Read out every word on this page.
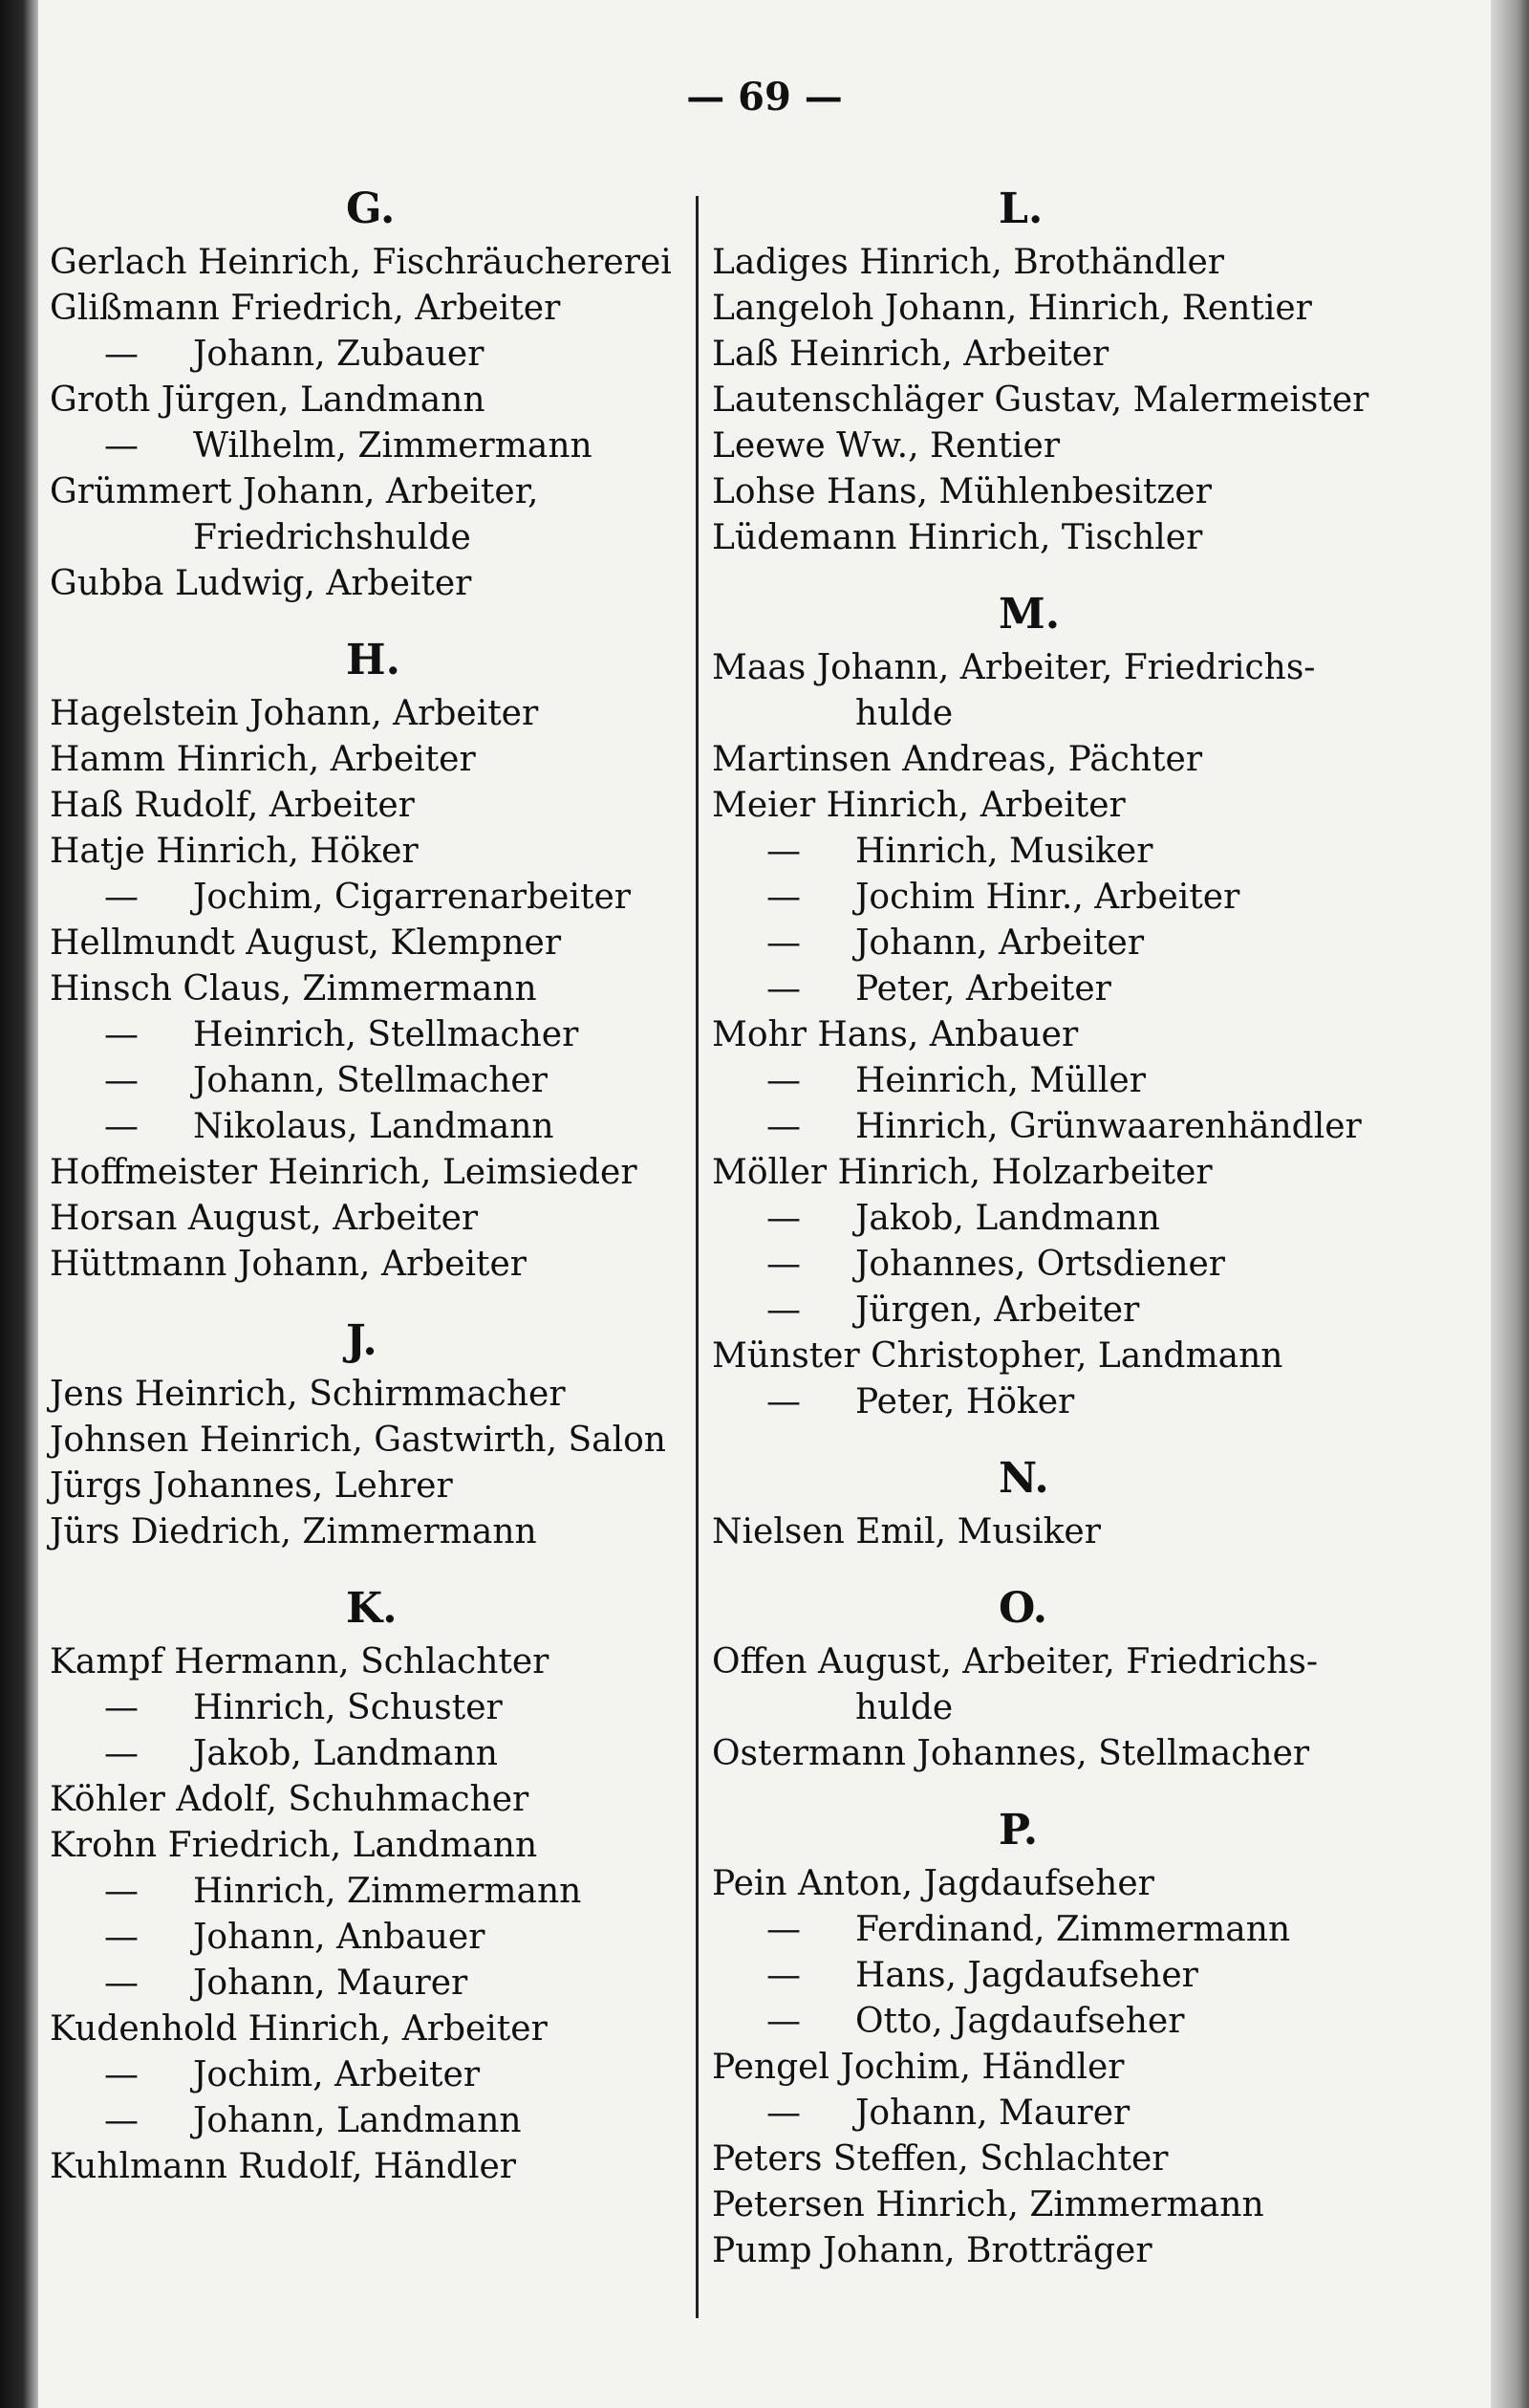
— 69 —
G.
Gerlach Heinrich, Fischräuchererei
Glißmann Friedrich, Arbeiter
— Johann, Zubauer
Groth Jürgen, Landmann
— Wilhelm, Zimmermann
Grümmert Johann, Arbeiter,
Friedrichshulde
Gubba Ludwig, Arbeiter
H.
Hagelstein Johann, Arbeiter
Hamm Hinrich, Arbeiter
Haß Rudolf, Arbeiter
Hatje Hinrich, Höker
— Jochim, Cigarrenarbeiter
Hellmundt August, Klempner
Hinsch Claus, Zimmermann
— Heinrich, Stellmacher
— Johann, Stellmacher
— Nikolaus, Landmann
Hoffmeister Heinrich, Leimsieder
Horsan August, Arbeiter
Hüttmann Johann, Arbeiter
J.
Jens Heinrich, Schirmmacher
Johnsen Heinrich, Gastwirth, Salon
Jürgs Johannes, Lehrer
Jürs Diedrich, Zimmermann
K.
Kampf Hermann, Schlachter
— Hinrich, Schuster
— Jakob, Landmann
Köhler Adolf, Schuhmacher
Krohn Friedrich, Landmann
— Hinrich, Zimmermann
— Johann, Anbauer
— Johann, Maurer
Kudenhold Hinrich, Arbeiter
— Jochim, Arbeiter
— Johann, Landmann
Kuhlmann Rudolf, Händler
L.
Ladiges Hinrich, Brothändler
Langeloh Johann, Hinrich, Rentier
Laß Heinrich, Arbeiter
Lautenschläger Gustav, Malermeister
Leewe Ww., Rentier
Lohse Hans, Mühlenbesitzer
Lüdemann Hinrich, Tischler
M.
Maas Johann, Arbeiter, Friedrichs-
hulde
Martinsen Andreas, Pächter
Meier Hinrich, Arbeiter
— Hinrich, Musiker
— Jochim Hinr., Arbeiter
— Johann, Arbeiter
— Peter, Arbeiter
Mohr Hans, Anbauer
— Heinrich, Müller
— Hinrich, Grünwaarenhändler
Möller Hinrich, Holzarbeiter
— Jakob, Landmann
— Johannes, Ortsdiener
— Jürgen, Arbeiter
Münster Christopher, Landmann
— Peter, Höker
N.
Nielsen Emil, Musiker
O.
Offen August, Arbeiter, Friedrichs-
hulde
Ostermann Johannes, Stellmacher
P.
Pein Anton, Jagdaufseher
— Ferdinand, Zimmermann
— Hans, Jagdaufseher
— Otto, Jagdaufseher
Pengel Jochim, Händler
— Johann, Maurer
Peters Steffen, Schlachter
Petersen Hinrich, Zimmermann
Pump Johann, Brotträger
